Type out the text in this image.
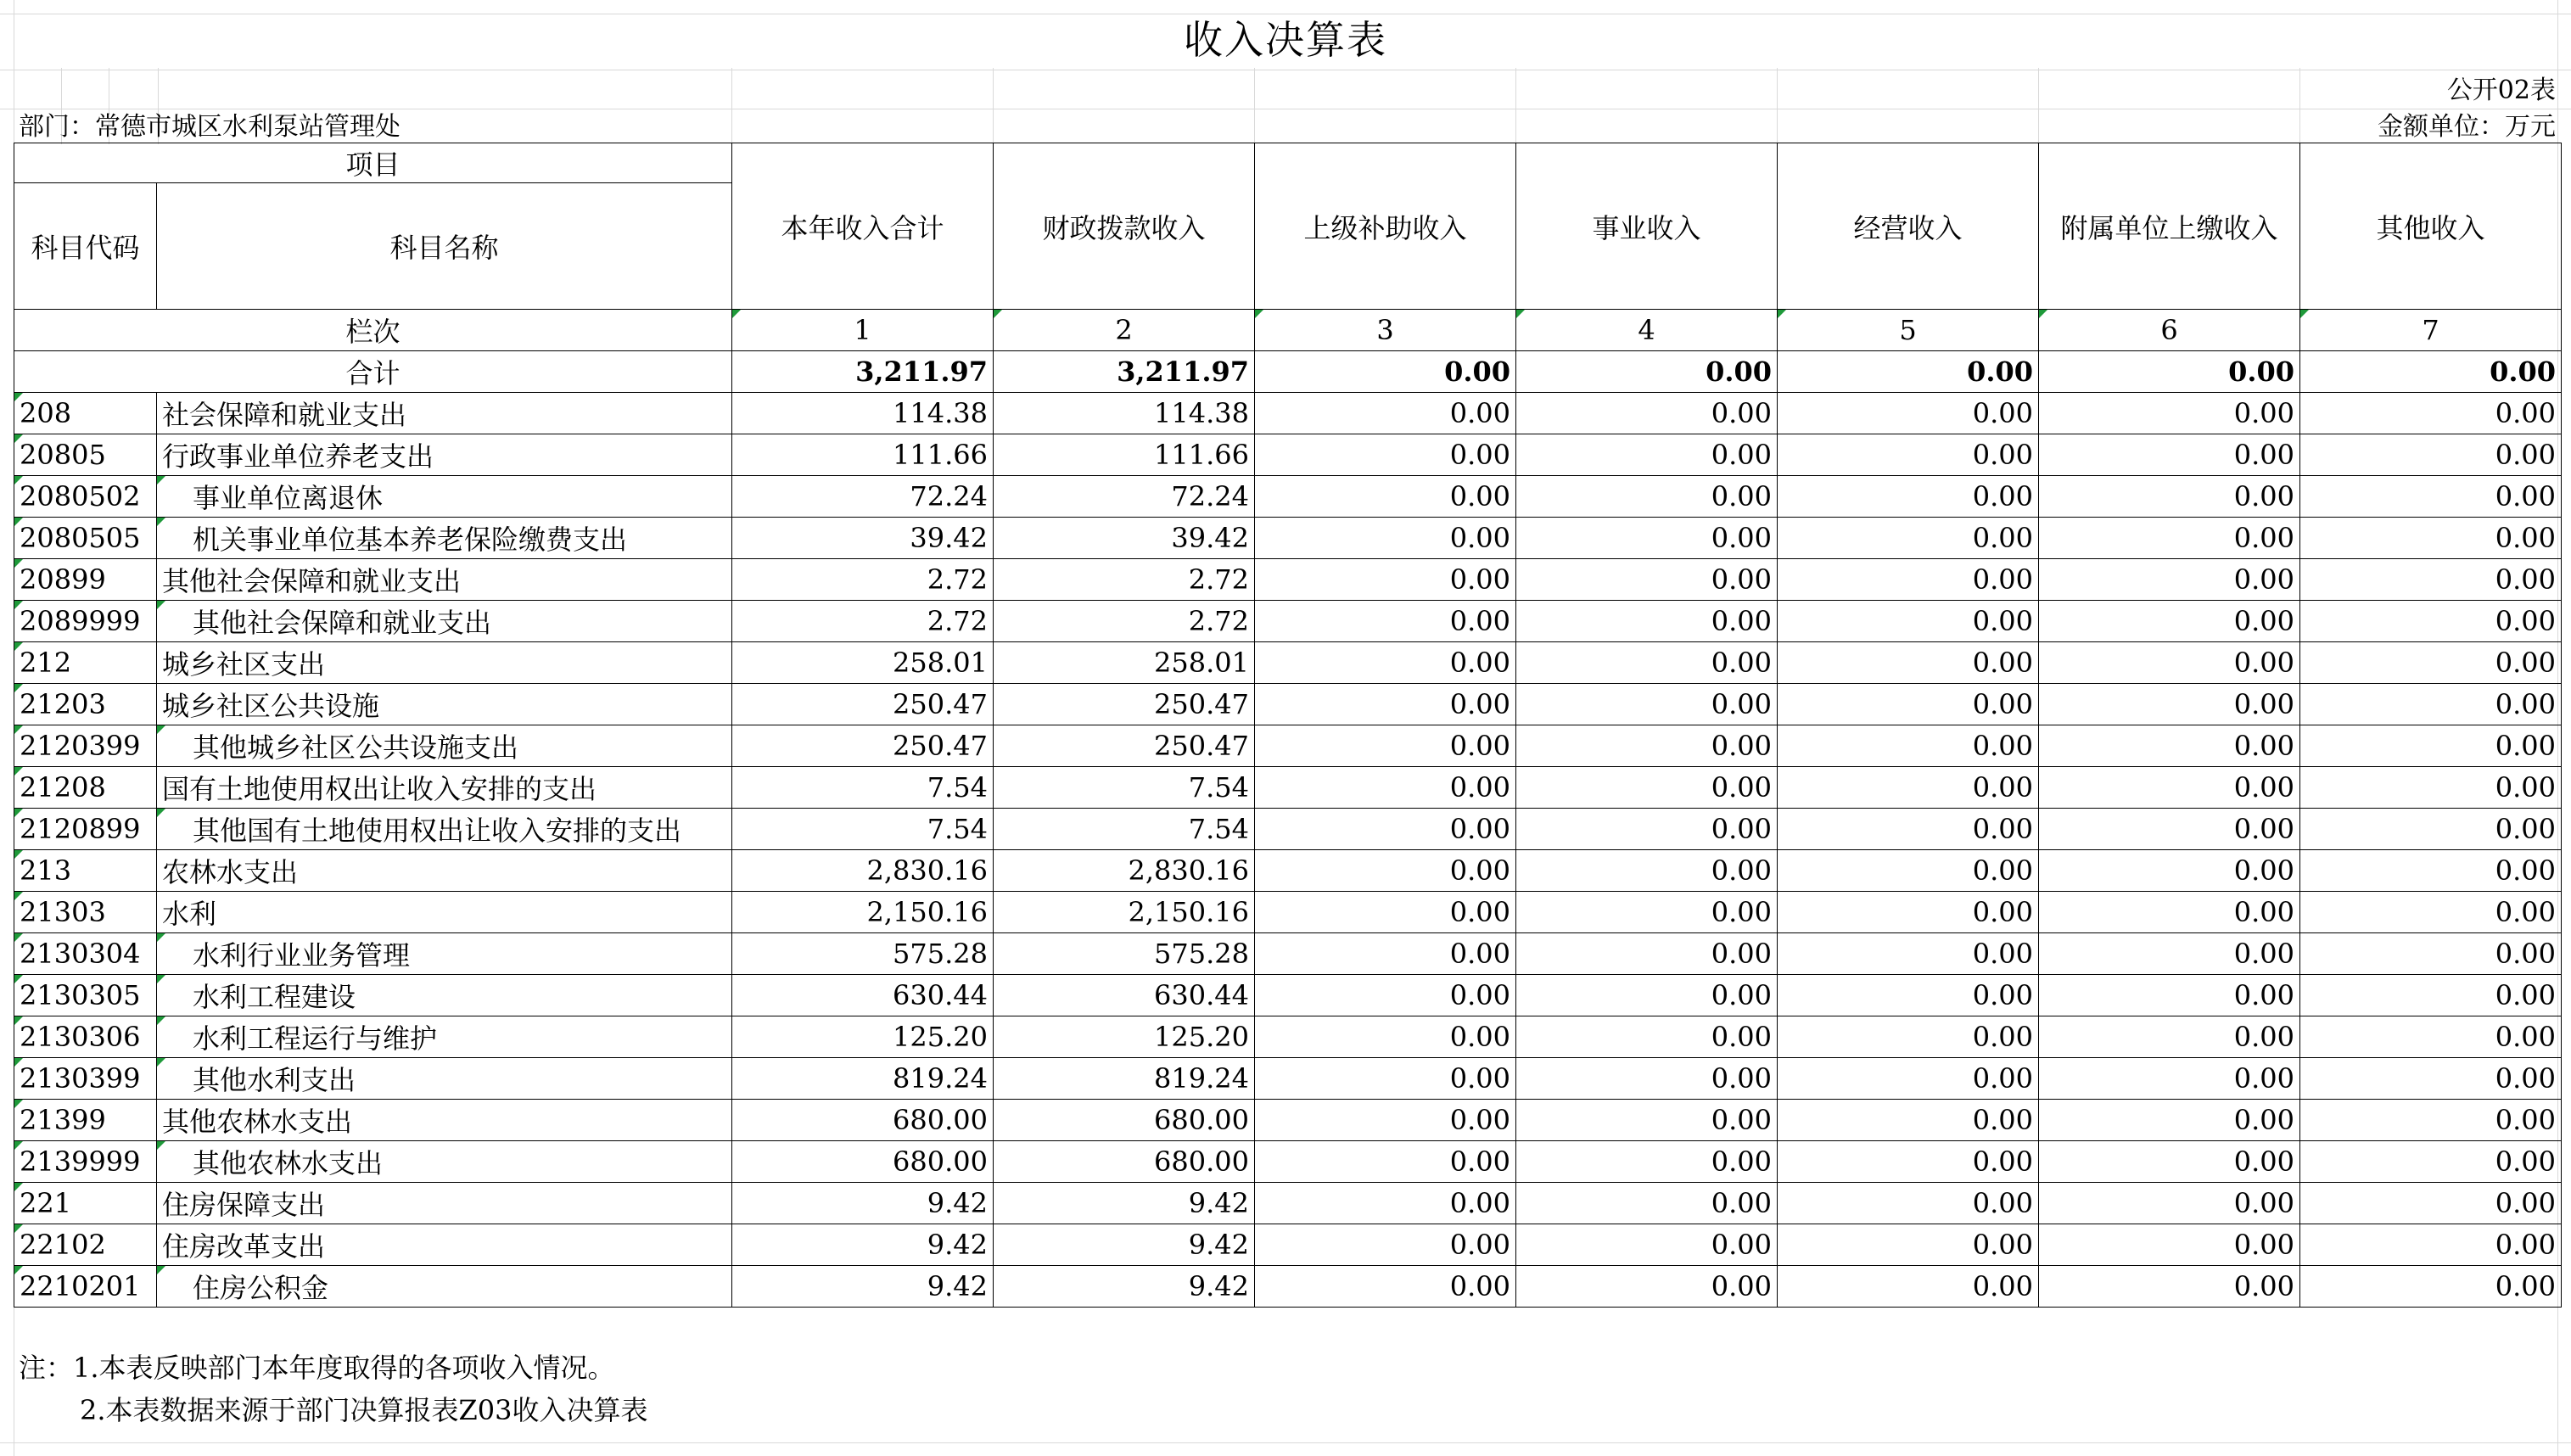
收入决算表
公开02表
部门：常德市城区水利泵站管理处	金额单位：万元
项目		本年收入合计	财政拨款收入	上级补助收入	事业收入	经营收入	附属单位上缴收入	其他收入
科目代码	科目名称							
栏次		1	2	3	4	5	6	7
合计		3,211.97	3,211.97	0.00	0.00	0.00	0.00	0.00
208	社会保障和就业支出	114.38	114.38	0.00	0.00	0.00	0.00	0.00
20805	行政事业单位养老支出	111.66	111.66	0.00	0.00	0.00	0.00	0.00
2080502	事业单位离退休	72.24	72.24	0.00	0.00	0.00	0.00	0.00
2080505	机关事业单位基本养老保险缴费支出	39.42	39.42	0.00	0.00	0.00	0.00	0.00
20899	其他社会保障和就业支出	2.72	2.72	0.00	0.00	0.00	0.00	0.00
2089999	其他社会保障和就业支出	2.72	2.72	0.00	0.00	0.00	0.00	0.00
212	城乡社区支出	258.01	258.01	0.00	0.00	0.00	0.00	0.00
21203	城乡社区公共设施	250.47	250.47	0.00	0.00	0.00	0.00	0.00
2120399	其他城乡社区公共设施支出	250.47	250.47	0.00	0.00	0.00	0.00	0.00
21208	国有土地使用权出让收入安排的支出	7.54	7.54	0.00	0.00	0.00	0.00	0.00
2120899	其他国有土地使用权出让收入安排的支出	7.54	7.54	0.00	0.00	0.00	0.00	0.00
213	农林水支出	2,830.16	2,830.16	0.00	0.00	0.00	0.00	0.00
21303	水利	2,150.16	2,150.16	0.00	0.00	0.00	0.00	0.00
2130304	水利行业业务管理	575.28	575.28	0.00	0.00	0.00	0.00	0.00
2130305	水利工程建设	630.44	630.44	0.00	0.00	0.00	0.00	0.00
2130306	水利工程运行与维护	125.20	125.20	0.00	0.00	0.00	0.00	0.00
2130399	其他水利支出	819.24	819.24	0.00	0.00	0.00	0.00	0.00
21399	其他农林水支出	680.00	680.00	0.00	0.00	0.00	0.00	0.00
2139999	其他农林水支出	680.00	680.00	0.00	0.00	0.00	0.00	0.00
221	住房保障支出	9.42	9.42	0.00	0.00	0.00	0.00	0.00
22102	住房改革支出	9.42	9.42	0.00	0.00	0.00	0.00	0.00
2210201	住房公积金	9.42	9.42	0.00	0.00	0.00	0.00	0.00
注：1.本表反映部门本年度取得的各项收入情况。
2.本表数据来源于部门决算报表Z03收入决算表
